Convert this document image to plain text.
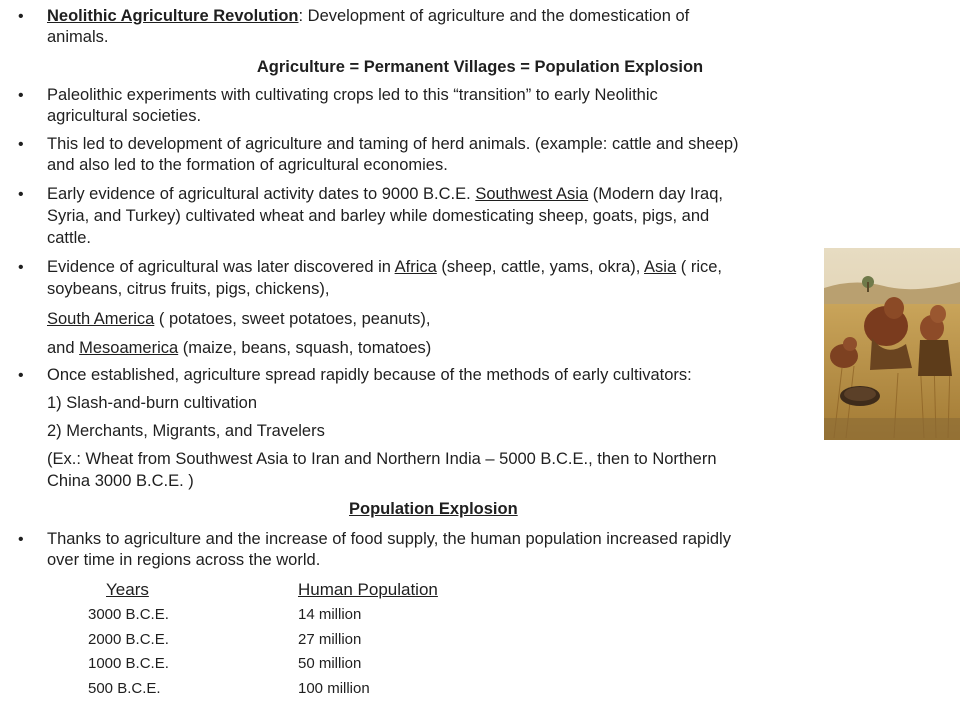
• Neolithic Agriculture Revolution: Development of agriculture and the domestication of
animals.
Agriculture = Permanent Villages = Population Explosion
• Paleolithic experiments with cultivating crops led to this “transition” to early Neolithic
agricultural societies.
• This led to development of agriculture and taming of herd animals. (example: cattle and sheep)
and also led to the formation of agricultural economies.
• Early evidence of agricultural activity dates to 9000 B.C.E. Southwest Asia (Modern day Iraq,
Syria, and Turkey) cultivated wheat and barley while domesticating sheep, goats, pigs, and
cattle.
• Evidence of agricultural was later discovered in Africa (sheep, cattle, yams, okra), Asia ( rice,
soybeans, citrus fruits, pigs, chickens),
South America ( potatoes, sweet potatoes, peanuts),
and Mesoamerica (maize, beans, squash, tomatoes)
• Once established, agriculture spread rapidly because of the methods of early cultivators:
1) Slash-and-burn cultivation
2) Merchants, Migrants, and Travelers
(Ex.: Wheat from Southwest Asia to Iran and Northern India – 5000 B.C.E., then to Northern
China 3000 B.C.E. )
Population Explosion
• Thanks to agriculture and the increase of food supply, the human population increased rapidly
over time in regions across the world.
Years	Human Population
3000 B.C.E.	14 million
2000 B.C.E.	27 million
1000 B.C.E.	50 million
500 B.C.E.	100 million
